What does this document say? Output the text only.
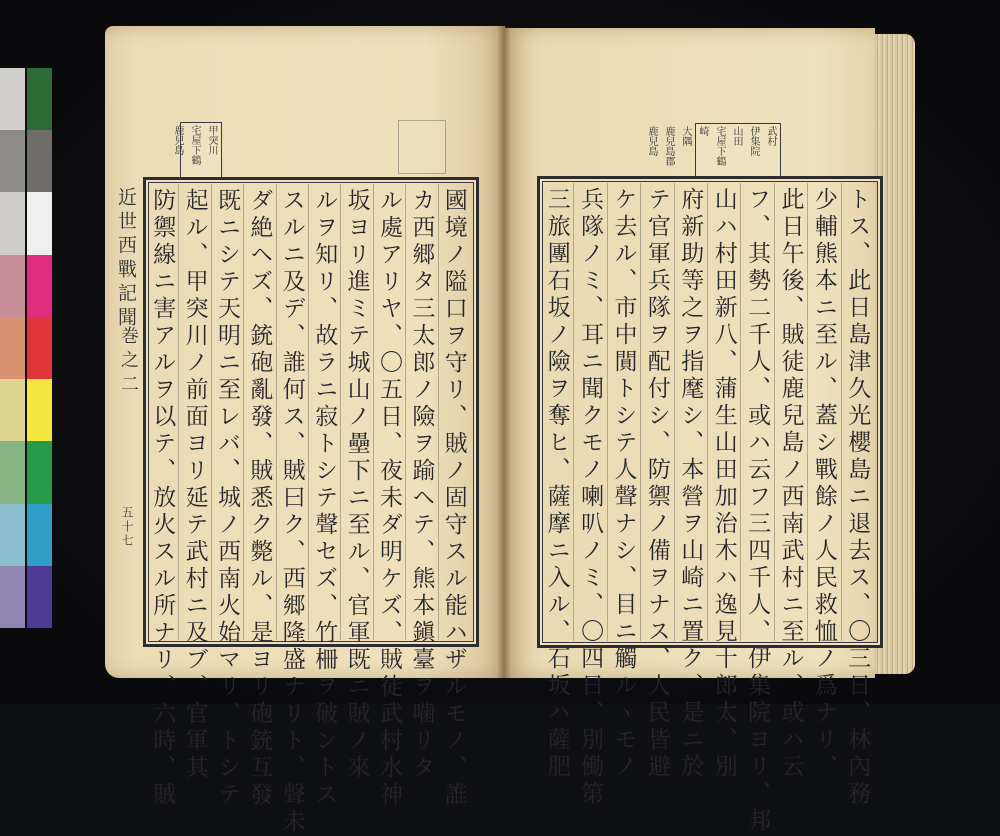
近世西戰記聞
巻之二
五十七
甲突川
宅屋下鶴
鹿兒島
國境ノ隘口ヲ守リ、賊ノ固守スル能ハザルモノ、誰
カ西郷タ三太郎ノ險ヲ踰ヘテ、熊本鎭臺ヲ噛リタ
ル處アリヤ、〇五日、夜未ダ明ケズ、賊徒武村水神
坂ヨリ進ミテ城山ノ壘下ニ至ル、官軍既ニ賊ノ來
ルヲ知リ、故ラニ寂トシテ聲セズ、竹柵ヲ破ントス
スルニ及デ、誰何ス、賊曰ク、西郷隆盛ナリト、聲未
ダ絶ヘズ、銃砲亂發、賊悉ク斃ル、是ヨリ砲銃互發
既ニシテ天明ニ至レバ、城ノ西南火始マリ、トシテ
起ル、甲突川ノ前面ヨリ延テ武村ニ及ブ、官軍其
防禦線ニ害アルヲ以テ、放火スル所ナリ、六時、賊
武村
伊集院
山田
宅屋下鶴
崎
大隅
鹿兒島郡
鹿兒島
トス、此日島津久光櫻島ニ退去ス、〇三日、林內務
少輔熊本ニ至ル、蓋シ戰餘ノ人民救恤ノ爲ナリ、
此日午後、賊徒鹿兒島ノ西南武村ニ至ル、或ハ云
フ、其勢二千人、或ハ云フ三四千人、伊集院ヨリ、邦
山ハ村田新八、蒲生山田加治木ハ逸見十郎太、別
府新助等之ヲ指麾シ、本營ヲ山崎ニ置ク、是ニ於
テ官軍兵隊ヲ配付シ、防禦ノ備ヲナス、人民皆避
ケ去ル、市中閴トシテ人聲ナシ、目ニ觸ルヽモノ
兵隊ノミ、耳ニ聞クモノ喇叭ノミ、〇四日、別働第
三旅團石坂ノ險ヲ奪ヒ、薩摩ニ入ル、石坂ハ薩肥
